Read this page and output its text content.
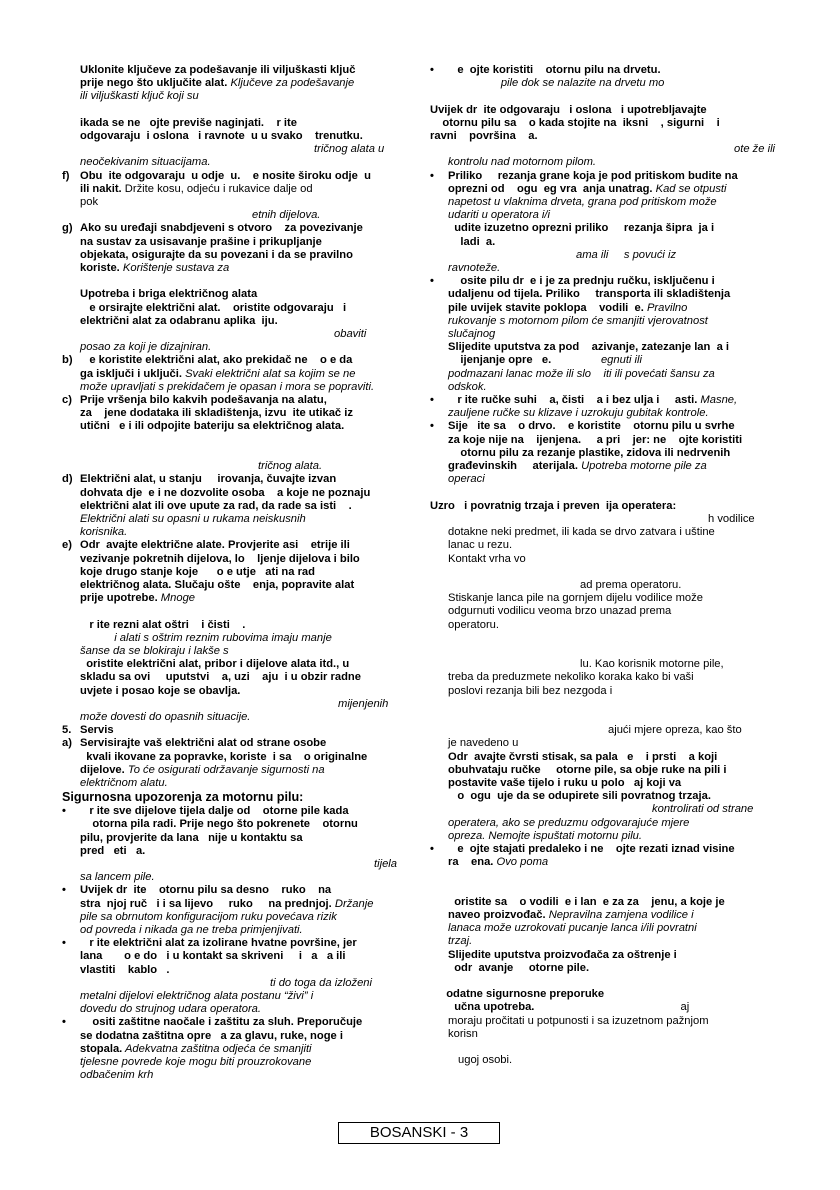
Uklonite ključeve za podešavanje ili viljuškasti ključ
prije nego što uključite alat. Ključeve za podešavanje
ili viljuškasti ključ koji su

ikada se ne   ojte previše naginjati.    r ite
odgovaraju  i oslona   i ravnote  u u svako    trenutku.
tričnog alata u
neočekivanim situacijama.
f) Obu  ite odgovaraju  u odje  u.    e nosite široku odje  u
ili nakit. Držite kosu, odjeću i rukavice dalje od
pok
etnih dijelova.
g) Ako su uređaji snabdjeveni s otvoro    za povezivanje
na sustav za usisavanje prašine i prikupljanje
objekata, osigurajte da su povezani i da se pravilno
koriste. Korištenje sustava za

Upotreba i briga električnog alata
e orsirajte električni alat.    oristite odgovaraju   i
električni alat za odabranu aplika  iju.
obaviti
posao za koji je dizajniran.
b) e koristite električni alat, ako prekidač ne    o e da
ga isključi i uključi. Svaki električni alat sa kojim se ne
može upravljati s prekidačem je opasan i mora se popraviti.
c) Prije vršenja bilo kakvih podešavanja na alatu,
za    jene dodataka ili skladištenja, izvu  ite utikač iz
utični   e i ili odpojite bateriju sa električnog alata.

tričnog alata.
d) Električni alat, u stanju     irovanja, čuvajte izvan
dohvata dje  e i ne dozvolite osoba    a koje ne poznaju
električni alat ili ove upute za rad, da rade sa isti    .
Električni alati su opasni u rukama neiskusnih
korisnika.
e) Odr  avajte električne alate. Provjerite asi    etrije ili
vezivanje pokretnih dijelova, lo    ljenje dijelova i bilo
koje drugo stanje koje      o e utje   ati na rad
električnog alata. Slučaju ošte    enja, popravite alat
prije upotrebe. Mnoge

r ite rezni alat oštri    i čisti    .
i alati s oštrim reznim rubovima imaju manje
šanse da se blokiraju i lakše s
oristite električni alat, pribor i dijelove alata itd., u
skladu sa ovi     uputstvi    a, uzi    aju  i u obzir radne
uvjete i posao koje se obavlja.
mijenjenih
može dovesti do opasnih situacije.
5. Servis
a) Servisirajte vaš električni alat od strane osobe
kvali ikovane za popravke, koriste  i sa    o originalne
dijelove. To će osigurati održavanje sigurnosti na
električnom alatu.
Sigurnosna upozorenja za motornu pilu:
•	r ite sve dijelove tijela dalje od    otorne pile kada
otorna pila radi. Prije nego što pokrenete    otornu
pilu, provjerite da lana   nije u kontaktu sa
pred   eti   a.
tijela
sa lancem pile.
•	Uvijek dr  ite    otornu pilu sa desno    ruko    na
stra  njoj ruč   i i sa lijevo     ruko     na prednjoj. Držanje
pile sa obrnutom konfiguracijom ruku povećava rizik
od povreda i nikada ga ne treba primjenjivati.
•	r ite električni alat za izolirane hvatne površine, jer
lana       o e do   i u kontakt sa skriveni     i   a   a ili
vlastiti    kablo   .
ti do toga da izloženi
metalni dijelovi električnog alata postanu “živi” i
dovedu do strujnog udara operatora.
•	ositi zaštitne naočale i zaštitu za sluh. Preporučuje
se dodatna zaštitna opre   a za glavu, ruke, noge i
stopala. Adekvatna zaštitna odjeća će smanjiti
tjelesne povrede koje mogu biti prouzrokovane
odbačenim krh
•	e  ojte koristiti    otornu pilu na drvetu.
pile dok se nalazite na drvetu mo

Uvijek dr  ite odgovaraju   i oslona   i upotrebljavajte
otornu pilu sa    o kada stojite na  iksni    , sigurni    i
ravni    površina    a.
ote že ili
kontrolu nad motornom pilom.
•	Priliko     rezanja grane koja je pod pritiskom budite na
oprezni od    ogu  eg vra  anja unatrag. Kad se otpusti
napetost u vlaknima drveta, grana pod pritiskom može
udariti u operatora i/i
udite izuzetno oprezni priliko     rezanja šipra  ja i
ladi  a.
ama ili     s povući iz
ravnoteže.
•	osite pilu dr  e i je za prednju ručku, isključenu i
udaljenu od tijela. Priliko     transporta ili skladištenja
pile uvijek stavite poklopa    vodili  e. Pravilno
rukovanje s motornom pilom će smanjiti vjerovatnost
slučajnog
Slijedite uputstva za pod    azivanje, zatezanje lan  a i
ijenjanje opre   e.                egnuti ili
podmazani lanac može ili slo    iti ili povećati šansu za
odskok.
•	r ite ručke suhi    a, čisti    a i bez ulja i     asti. Masne,
zauljene ručke su klizave i uzrokuju gubitak kontrole.
•	Sije   ite sa    o drvo.    e koristite    otornu pilu u svrhe
za koje nije na    ijenjena.     a pri    jer: ne    ojte koristiti
otornu pilu za rezanje plastike, zidova ili nedrvenih
građevinskih     aterijala. Upotreba motorne pile za
operaci

Uzro   i povratnig trzaja i preven  ija operatera:
h vodilice
dotakne neki predmet, ili kada se drvo zatvara i uštine
lanac u rezu.
Kontakt vrha vo

ad prema operatoru.
Stiskanje lanca pile na gornjem dijelu vodilice može
odgurnuti vodilicu veoma brzo unazad prema
operatoru.

lu. Kao korisnik motorne pile,
treba da preduzmete nekoliko koraka kako bi vaši
poslovi rezanja bili bez nezgoda i

ajući mjere opreza, kao što
je navedeno u
Odr  avajte čvrsti stisak, sa pala   e    i prsti    a koji
obuhvataju ručke     otorne pile, sa obje ruke na pili i
postavite vaše tijelo i ruku u polo   aj koji va
o  ogu  uje da se odupirete sili povratnog trzaja.
kontrolirati od strane
operatera, ako se preduzmu odgovarajuće mjere
opreza. Nemojte ispuštati motornu pilu.
•	e  ojte stajati predaleko i ne    ojte rezati iznad visine
ra    ena. Ovo poma

oristite sa    o vodili  e i lan  e za za    jenu, a koje je
naveo proizvođač. Nepravilna zamjena vodilice i
lanaca može uzrokovati pucanje lanca i/ili povratni
trzaj.
Slijedite uputstva proizvođača za oštrenje i
odr  avanje     otorne pile.

odatne sigurnosne preporuke
učna upotreba.                                               aj
moraju pročitati u potpunosti i sa izuzetnom pažnjom
korisn

ugoj osobi.
BOSANSKI - 3
